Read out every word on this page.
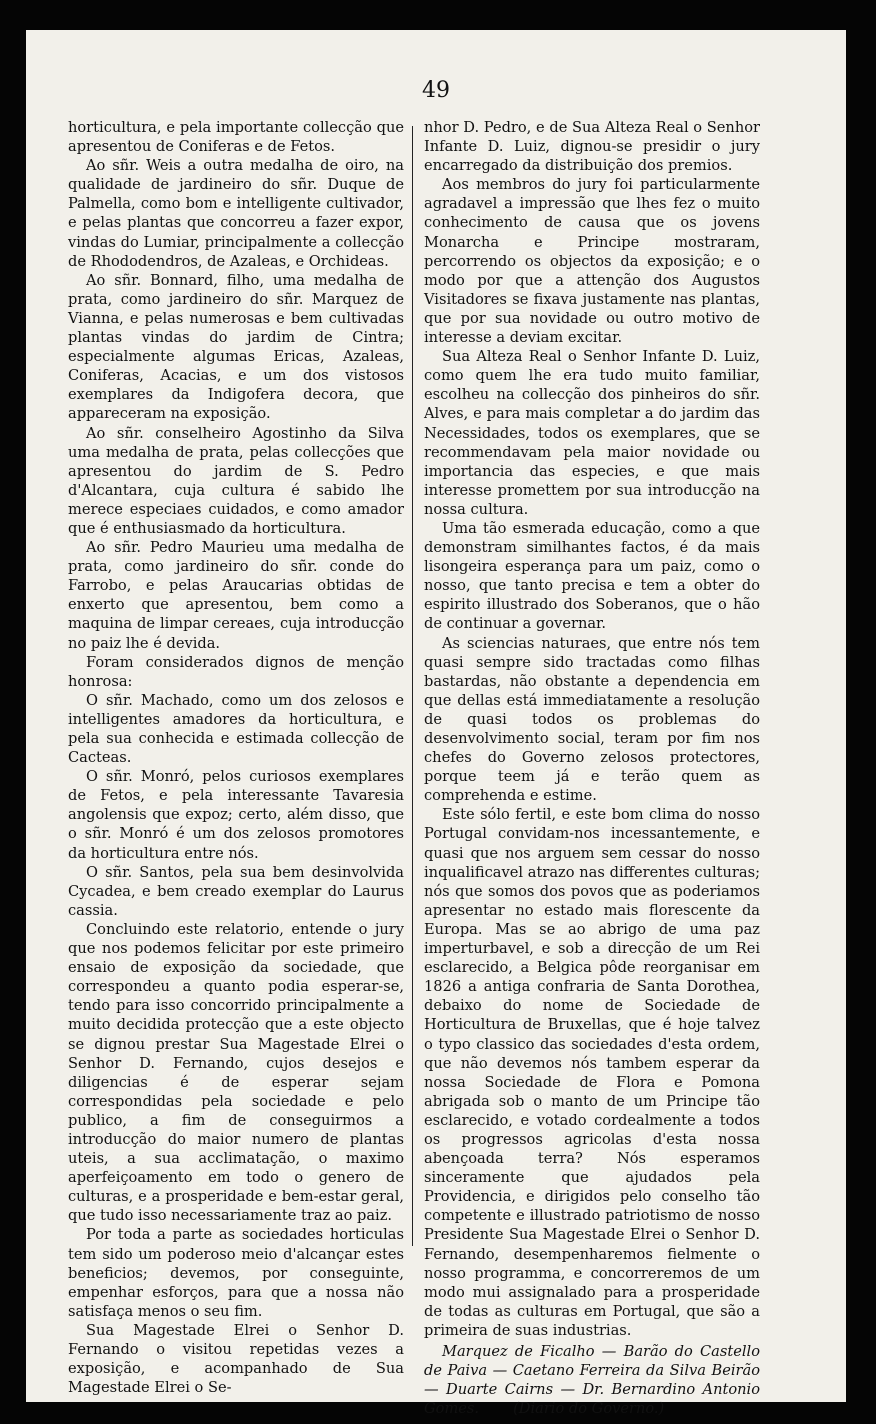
49

horticultura, e pela importante collecção que apresentou de Coniferas e de Fetos.

Ao sñr. Weis a outra medalha de oiro, na qualidade de jardineiro do sñr. Duque de Palmella, como bom e intelligente cultivador, e pelas plantas que concorreu a fazer expor, vindas do Lumiar, principalmente a collecção de Rhododendros, de Azaleas, e Orchideas.

Ao sñr. Bonnard, filho, uma medalha de prata, como jardineiro do sñr. Marquez de Vianna, e pelas numerosas e bem cultivadas plantas vindas do jardim de Cintra; especialmente algumas Ericas, Azaleas, Coniferas, Acacias, e um dos vistosos exemplares da Indigofera decora, que appareceram na exposição.

Ao sñr. conselheiro Agostinho da Silva uma medalha de prata, pelas collecções que apresentou do jardim de S. Pedro d'Alcantara, cuja cultura é sabido lhe merece especiaes cuidados, e como amador que é enthusiasmado da horticultura.

Ao sñr. Pedro Maurieu uma medalha de prata, como jardineiro do sñr. conde do Farrobo, e pelas Araucarias obtidas de enxerto que apresentou, bem como a maquina de limpar cereaes, cuja introducção no paiz lhe é devida.

Foram considerados dignos de menção honrosa:

O sñr. Machado, como um dos zelosos e intelligentes amadores da horticultura, e pela sua conhecida e estimada collecção de Cacteas.

O sñr. Monró, pelos curiosos exemplares de Fetos, e pela interessante Tavaresia angolensis que expoz; certo, além disso, que o sñr. Monró é um dos zelosos promotores da horticultura entre nós.

O sñr. Santos, pela sua bem desinvolvida Cycadea, e bem creado exemplar do Laurus cassia.

Concluindo este relatorio, entende o jury que nos podemos felicitar por este primeiro ensaio de exposição da sociedade, que correspondeu a quanto podia esperar-se, tendo para isso concorrido principalmente a muito decidida protecção que a este objecto se dignou prestar Sua Magestade Elrei o Senhor D. Fernando, cujos desejos e diligencias é de esperar sejam correspondidas pela sociedade e pelo publico, a fim de conseguirmos a introducção do maior numero de plantas uteis, a sua acclimatação, o maximo aperfeiçoamento em todo o genero de culturas, e a prosperidade e bem-estar geral, que tudo isso necessariamente traz ao paiz.

Por toda a parte as sociedades horticulas tem sido um poderoso meio d'alcançar estes beneficios; devemos, por conseguinte, empenhar esforços, para que a nossa não satisfaça menos o seu fim.

Sua Magestade Elrei o Senhor D. Fernando o visitou repetidas vezes a exposição, e acompanhado de Sua Magestade Elrei o Se-

nhor D. Pedro, e de Sua Alteza Real o Senhor Infante D. Luiz, dignou-se presidir o jury encarregado da distribuição dos premios.

Aos membros do jury foi particularmente agradavel a impressão que lhes fez o muito conhecimento de causa que os jovens Monarcha e Principe mostraram, percorrendo os objectos da exposição; e o modo por que a attenção dos Augustos Visitadores se fixava justamente nas plantas, que por sua novidade ou outro motivo de interesse a deviam excitar.

Sua Alteza Real o Senhor Infante D. Luiz, como quem lhe era tudo muito familiar, escolheu na collecção dos pinheiros do sñr. Alves, e para mais completar a do jardim das Necessidades, todos os exemplares, que se recommendavam pela maior novidade ou importancia das especies, e que mais interesse promettem por sua introducção na nossa cultura.

Uma tão esmerada educação, como a que demonstram similhantes factos, é da mais lisongeira esperança para um paiz, como o nosso, que tanto precisa e tem a obter do espirito illustrado dos Soberanos, que o hão de continuar a governar.

As sciencias naturaes, que entre nós tem quasi sempre sido tractadas como filhas bastardas, não obstante a dependencia em que dellas está immediatamente a resolução de quasi todos os problemas do desenvolvimento social, teram por fim nos chefes do Governo zelosos protectores, porque teem já e terão quem as comprehenda e estime.

Este sólo fertil, e este bom clima do nosso Portugal convidam-nos incessantemente, e quasi que nos arguem sem cessar do nosso inqualificavel atrazo nas differentes culturas; nós que somos dos povos que as poderiamos apresentar no estado mais florescente da Europa. Mas se ao abrigo de uma paz imperturbavel, e sob a direcção de um Rei esclarecido, a Belgica pôde reorganisar em 1826 a antiga confraria de Santa Dorothea, debaixo do nome de Sociedade de Horticultura de Bruxellas, que é hoje talvez o typo classico das sociedades d'esta ordem, que não devemos nós tambem esperar da nossa Sociedade de Flora e Pomona abrigada sob o manto de um Principe tão esclarecido, e votado cordealmente a todos os progressos agricolas d'esta nossa abençoada terra? Nós esperamos sinceramente que ajudados pela Providencia, e dirigidos pelo conselho tão competente e illustrado patriotismo de nosso Presidente Sua Magestade Elrei o Senhor D. Fernando, desempenharemos fielmente o nosso programma, e concorreremos de um modo mui assignalado para a prosperidade de todas as culturas em Portugal, que são a primeira de suas industrias.

Marquez de Ficalho — Barão do Castello de Paiva — Caetano Ferreira da Silva Beirão — Duarte Cairns — Dr. Bernardino Antonio Gomes. (Diario do Governo.)
